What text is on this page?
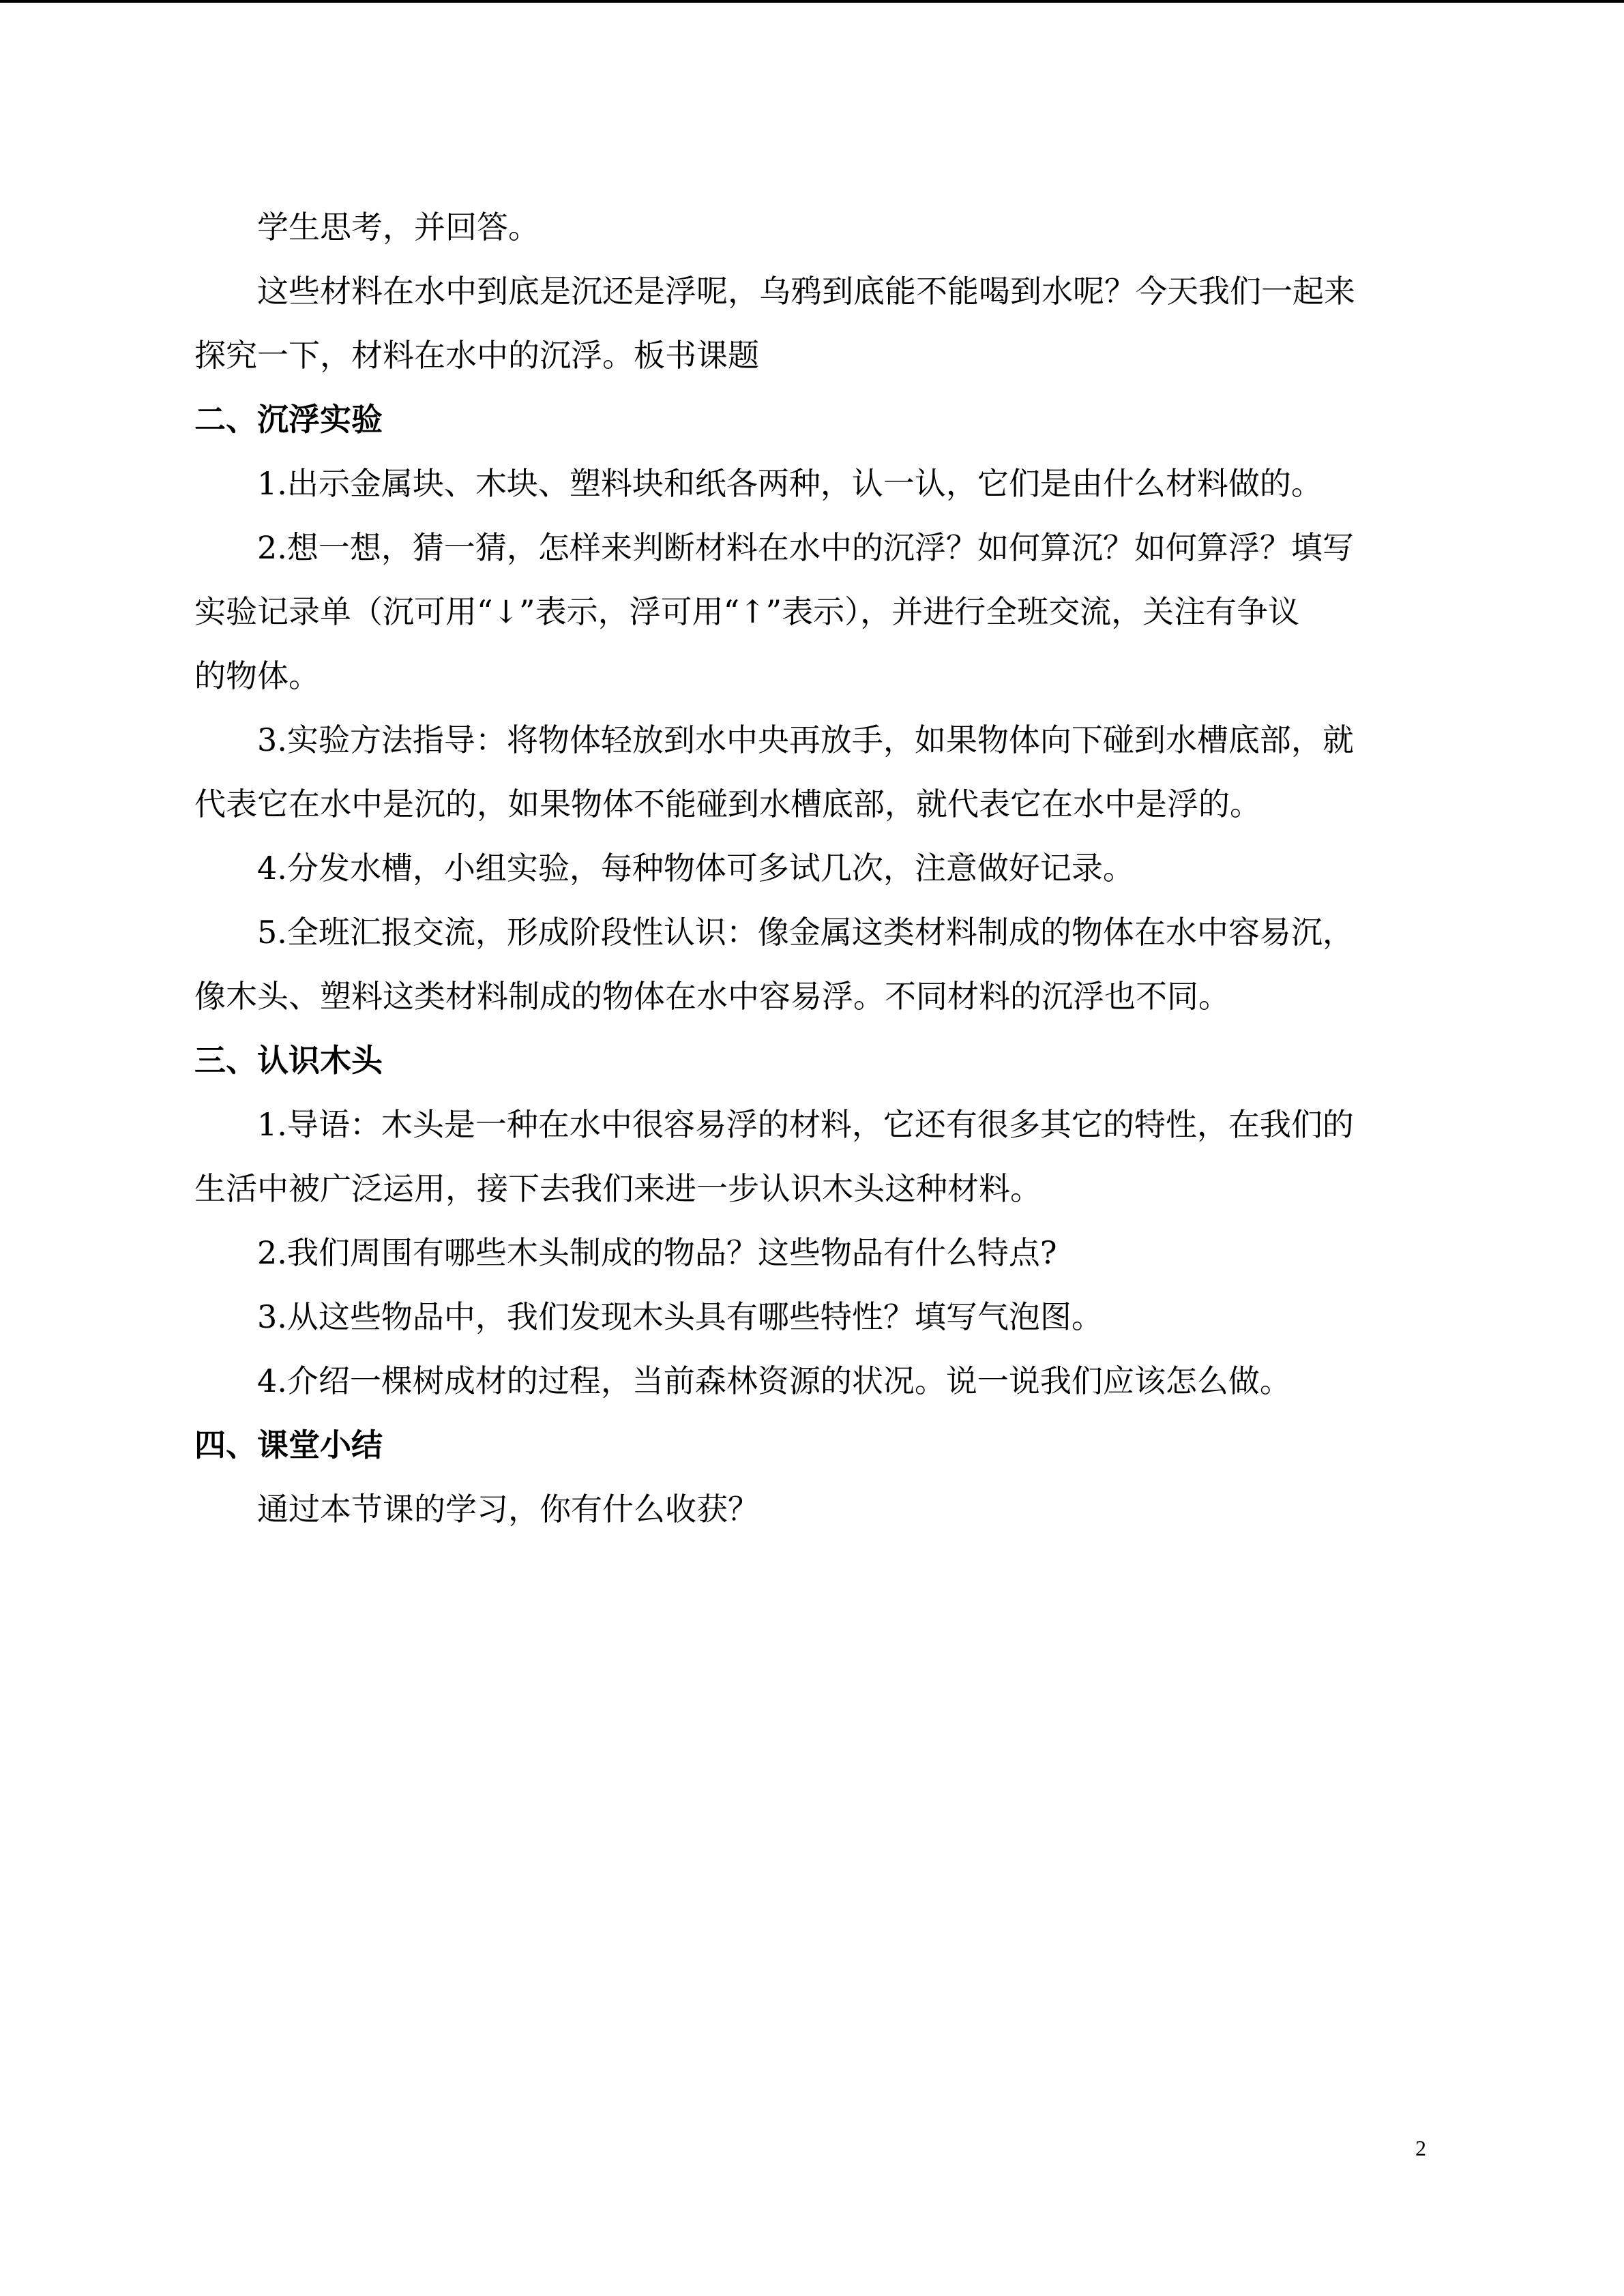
学生思考，并回答。
这些材料在水中到底是沉还是浮呢，乌鸦到底能不能喝到水呢？今天我们一起来
探究一下，材料在水中的沉浮。板书课题
二、沉浮实验
1.出示金属块、木块、塑料块和纸各两种，认一认，它们是由什么材料做的。
2.想一想，猜一猜，怎样来判断材料在水中的沉浮？如何算沉？如何算浮？填写
实验记录单（沉可用“↓”表示，浮可用“↑”表示），并进行全班交流，关注有争议
的物体。
3.实验方法指导：将物体轻放到水中央再放手，如果物体向下碰到水槽底部，就
代表它在水中是沉的，如果物体不能碰到水槽底部，就代表它在水中是浮的。
4.分发水槽，小组实验，每种物体可多试几次，注意做好记录。
5.全班汇报交流，形成阶段性认识：像金属这类材料制成的物体在水中容易沉，
像木头、塑料这类材料制成的物体在水中容易浮。不同材料的沉浮也不同。
三、认识木头
1.导语：木头是一种在水中很容易浮的材料，它还有很多其它的特性，在我们的
生活中被广泛运用，接下去我们来进一步认识木头这种材料。
2.我们周围有哪些木头制成的物品？这些物品有什么特点?
3.从这些物品中，我们发现木头具有哪些特性？填写气泡图。
4.介绍一棵树成材的过程，当前森林资源的状况。说一说我们应该怎么做。
四、课堂小结
通过本节课的学习，你有什么收获？
2
